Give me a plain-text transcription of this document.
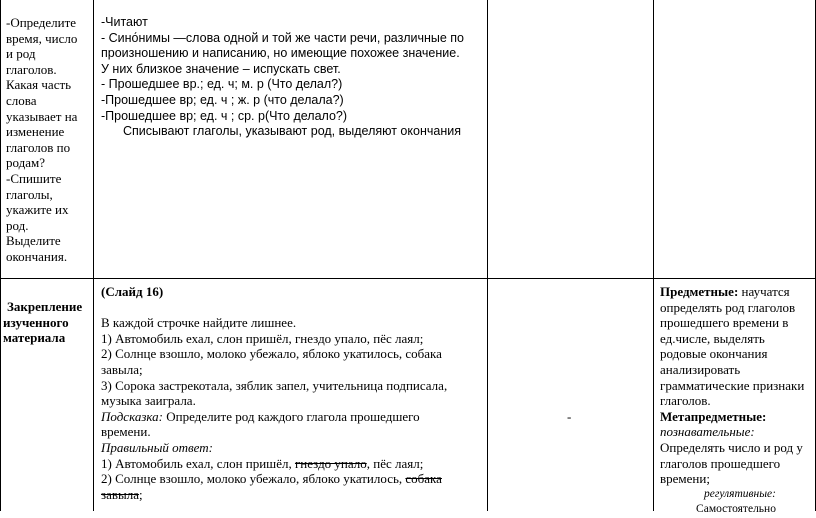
-Определите
время, число
и род
глаголов.
Какая часть
слова
указывает на
изменение
глаголов по
родам?
-Спишите
глаголы,
укажите их
род.
Выделите
окончания.
-Читают
- Сино́нимы —слова одной и той же части речи, различные по
произношению и написанию, но имеющие похожее значение.
У них близкое значение – испускать свет.
- Прошедшее вр.; ед. ч; м. р (Что делал?)
-Прошедшее вр; ед. ч ; ж. р (что делала?)
-Прошедшее вр; ед. ч ; ср. р(Что делало?)
Списывают глаголы, указывают род, выделяют окончания
Закрепление
изученного
материала
(Слайд 16)
В каждой строчке найдите лишнее.
1) Автомобиль ехал, слон пришёл, гнездо упало, пёс лаял;
2) Солнце взошло, молоко убежало, яблоко укатилось, собака
завыла;
3) Сорока застрекотала, зяблик запел, учительница подписала,
музыка заиграла.
Подсказка: Определите род каждого глагола прошедшего
времени.
Правильный ответ:
1) Автомобиль ехал, слон пришёл, гнездо упало, пёс лаял;
2) Солнце взошло, молоко убежало, яблоко укатилось, собака
завыла;
-
Предметные: научатся
определять род глаголов
прошедшего времени в
ед.числе, выделять
родовые окончания
анализировать
грамматические признаки
глаголов.
Метапредметные:
познавательные:
Определять число и род у
глаголов прошедшего
времени;
регулятивные:
Самостоятельно
